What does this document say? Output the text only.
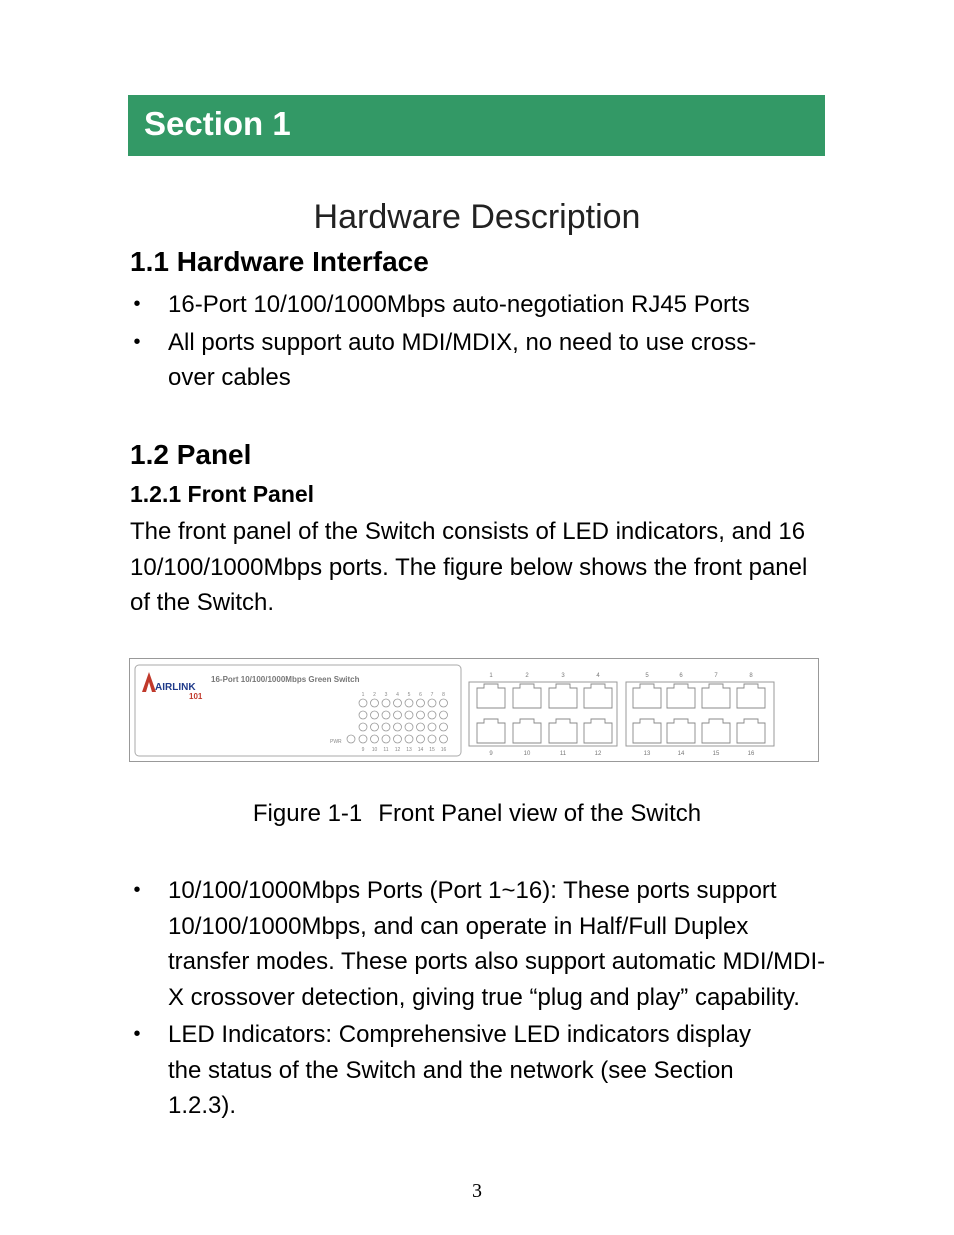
Section 1
Hardware Description
1.1 Hardware Interface
• 16-Port 10/100/1000Mbps auto-negotiation RJ45 Ports
• All ports support auto MDI/MDIX, no need to use cross-over cables
1.2 Panel
1.2.1 Front Panel

The front panel of the Switch consists of LED indicators, and 16 10/100/1000Mbps ports. The figure below shows the front panel of the Switch.

AIRLINK
101
16-Port 10/100/1000Mbps Green Switch
1 2 3 4 5 6 7 8
9 10 11 12 13 14 15 16
PWR
1
9
2
10
3
11
4
12
5
13
6
14
7
15
8
16
Figure 1-1 Front Panel view of the Switch
• 10/100/1000Mbps Ports (Port 1~16): These ports support 10/100/1000Mbps, and can operate in Half/Full Duplex transfer modes. These ports also support automatic MDI/MDI-X crossover detection, giving true “plug and play” capability.
• LED Indicators: Comprehensive LED indicators display the status of the Switch and the network (see Section 1.2.3).
3
